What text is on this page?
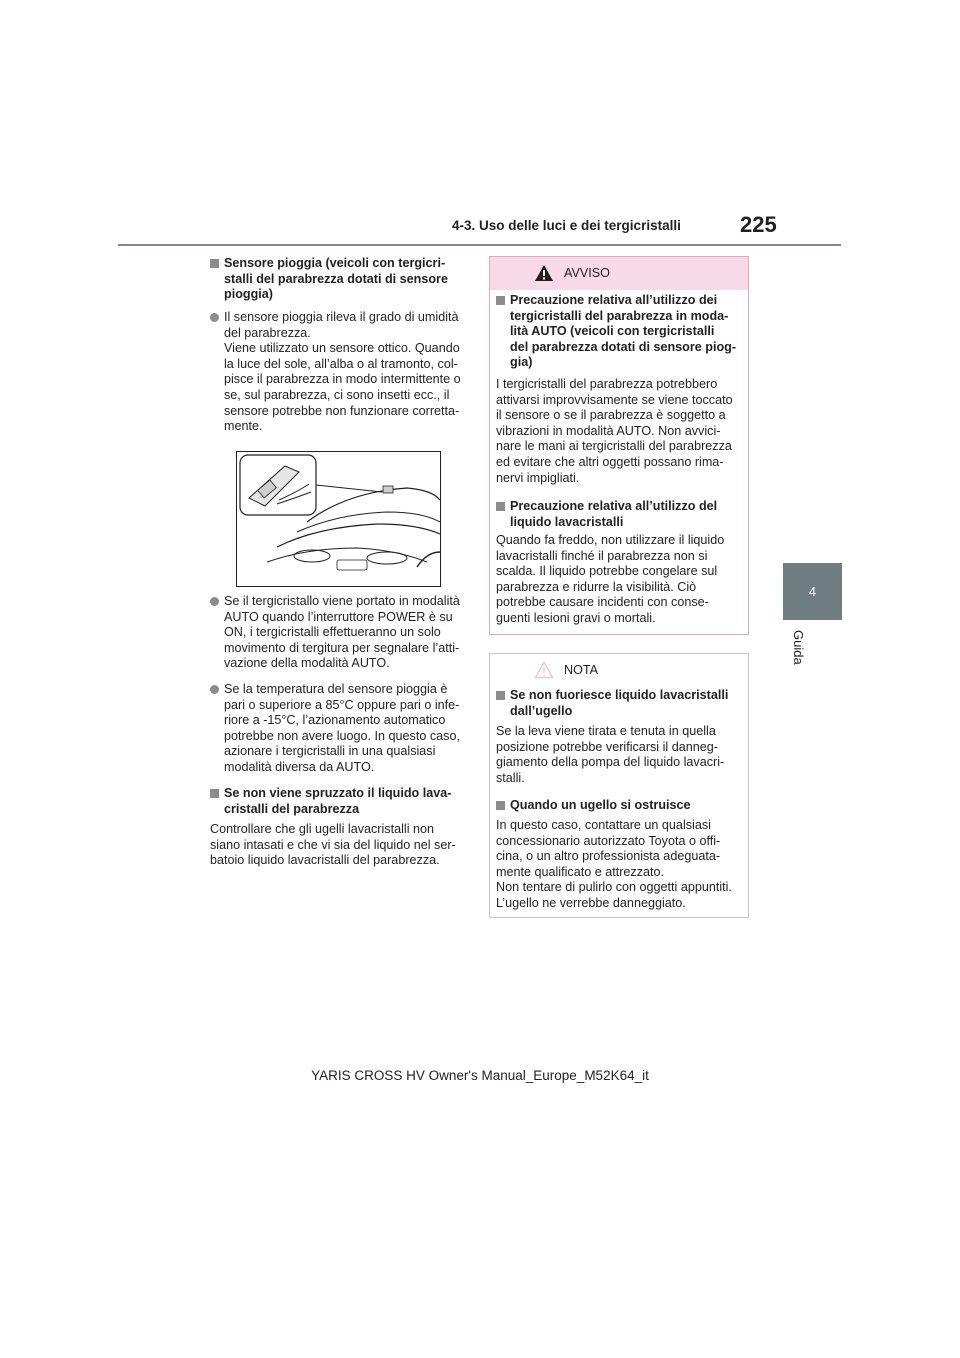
4-3. Uso delle luci e dei tergicristalli	225
4
Guida
Sensore pioggia (veicoli con tergicri-
stalli del parabrezza dotati di sensore
pioggia)
Il sensore pioggia rileva il grado di umidità
del parabrezza.
Viene utilizzato un sensore ottico. Quando
la luce del sole, all’alba o al tramonto, col-
pisce il parabrezza in modo intermittente o
se, sul parabrezza, ci sono insetti ecc., il
sensore potrebbe non funzionare corretta-
mente.
Se il tergicristallo viene portato in modalità
AUTO quando l’interruttore POWER è su
ON, i tergicristalli effettueranno un solo
movimento di tergitura per segnalare l’atti-
vazione della modalità AUTO.
Se la temperatura del sensore pioggia è
pari o superiore a 85°C oppure pari o infe-
riore a -15°C, l’azionamento automatico
potrebbe non avere luogo. In questo caso,
azionare i tergicristalli in una qualsiasi
modalità diversa da AUTO.
Se non viene spruzzato il liquido lava-
cristalli del parabrezza
Controllare che gli ugelli lavacristalli non
siano intasati e che vi sia del liquido nel ser-
batoio liquido lavacristalli del parabrezza.
AVVISO
Precauzione relativa all’utilizzo dei
tergicristalli del parabrezza in moda-
lità AUTO (veicoli con tergicristalli
del parabrezza dotati di sensore piog-
gia)
I tergicristalli del parabrezza potrebbero
attivarsi improvvisamente se viene toccato
il sensore o se il parabrezza è soggetto a
vibrazioni in modalità AUTO. Non avvici-
nare le mani ai tergicristalli del parabrezza
ed evitare che altri oggetti possano rima-
nervi impigliati.
Precauzione relativa all’utilizzo del
liquido lavacristalli
Quando fa freddo, non utilizzare il liquido
lavacristalli finché il parabrezza non si
scalda. Il liquido potrebbe congelare sul
parabrezza e ridurre la visibilità. Ciò
potrebbe causare incidenti con conse-
guenti lesioni gravi o mortali.
NOTA
Se non fuoriesce liquido lavacristalli
dall’ugello
Se la leva viene tirata e tenuta in quella
posizione potrebbe verificarsi il danneg-
giamento della pompa del liquido lavacri-
stalli.
Quando un ugello si ostruisce
In questo caso, contattare un qualsiasi
concessionario autorizzato Toyota o offi-
cina, o un altro professionista adeguata-
mente qualificato e attrezzato.
Non tentare di pulirlo con oggetti appuntiti.
L’ugello ne verrebbe danneggiato.
YARIS CROSS HV Owner's Manual_Europe_M52K64_it
